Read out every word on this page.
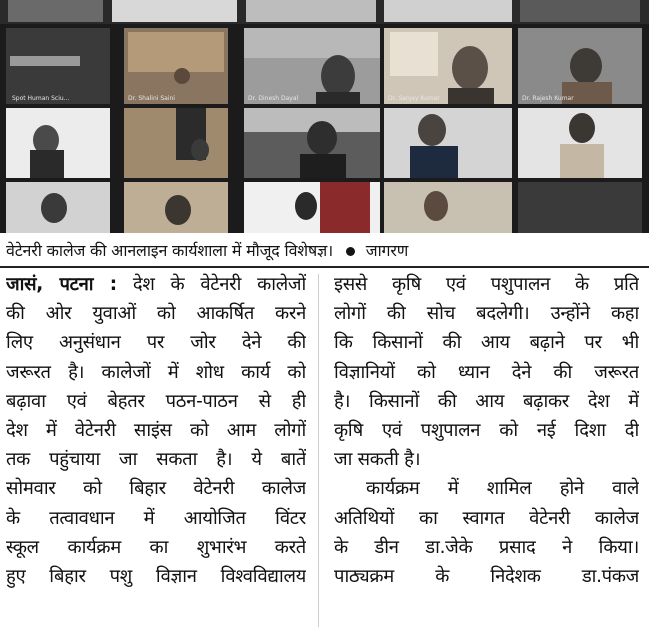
Spot Human Sciu...	Dr. Shalini Saini	Dr. Dinesh Dayal	Dr. Sanjay Kumar	Dr. Rajesh Kumar
वेटेनरी कालेज की आनलाइन कार्यशाला में मौजूद विशेषज्ञ। जागरण
जासं, पटना : देश के वेटेनरी कालेजों
की ओर युवाओं को आकर्षित करने
लिए अनुसंधान पर जोर देने की
जरूरत है। कालेजों में शोध कार्य को
बढ़ावा एवं बेहतर पठन-पाठन से ही
देश में वेटेनरी साइंस को आम लोगों
तक पहुंचाया जा सकता है। ये बातें
सोमवार को बिहार वेटेनरी कालेज
के तत्वावधान में आयोजित विंटर
स्कूल कार्यक्रम का शुभारंभ करते
हुए बिहार पशु विज्ञान विश्वविद्यालय
इससे कृषि एवं पशुपालन के प्रति
लोगों की सोच बदलेगी। उन्होंने कहा
कि किसानों की आय बढ़ाने पर भी
विज्ञानियों को ध्यान देने की जरूरत
है। किसानों की आय बढ़ाकर देश में
कृषि एवं पशुपालन को नई दिशा दी
जा सकती है।
कार्यक्रम में शामिल होने वाले
अतिथियों का स्वागत वेटेनरी कालेज
के डीन डा.जेके प्रसाद ने किया।
पाठ्यक्रम के निदेशक डा.पंकज
